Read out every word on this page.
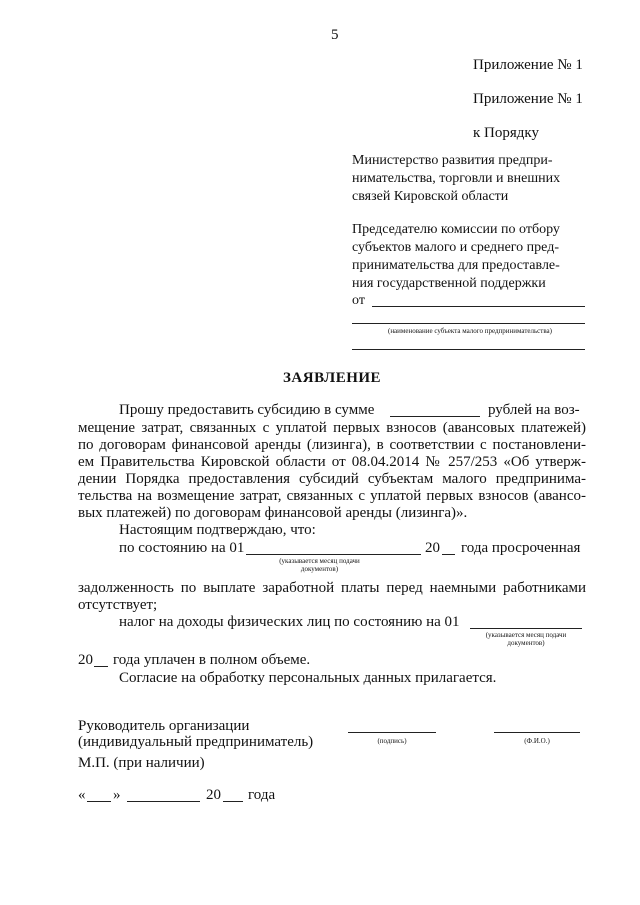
5
Приложение № 1
Приложение № 1
к Порядку
Министерство развития предпри-
нимательства, торговли и внешних
связей Кировской области
Председателю комиссии по отбору
субъектов малого и среднего пред-
принимательства для предоставле-
ния государственной поддержки
от
(наименование субъекта малого предпринимательства)
ЗАЯВЛЕНИЕ
Прошу предоставить субсидию в сумме	рублей на воз-
мещение затрат, связанных с уплатой первых взносов (авансовых платежей)
по договорам финансовой аренды (лизинга), в соответствии с постановлени-
ем Правительства Кировской области от 08.04.2014 № 257/253 «Об утверж-
дении Порядка предоставления субсидий субъектам малого предпринима-
тельства на возмещение затрат, связанных с уплатой первых взносов (авансо-
вых платежей) по договорам финансовой аренды (лизинга)».
Настоящим подтверждаю, что:
по состоянию на 01
(указывается месяц подачи
документов)
20 года просроченная
задолженность по выплате заработной платы перед наемными работниками
отсутствует;
налог на доходы физических лиц по состоянию на 01
(указывается месяц подачи
документов)
20 года уплачен в полном объеме.
Согласие на обработку персональных данных прилагается.
Руководитель организации
(индивидуальный предприниматель)	(подпись)	(Ф.И.О.)
М.П. (при наличии)
« »	20 года
